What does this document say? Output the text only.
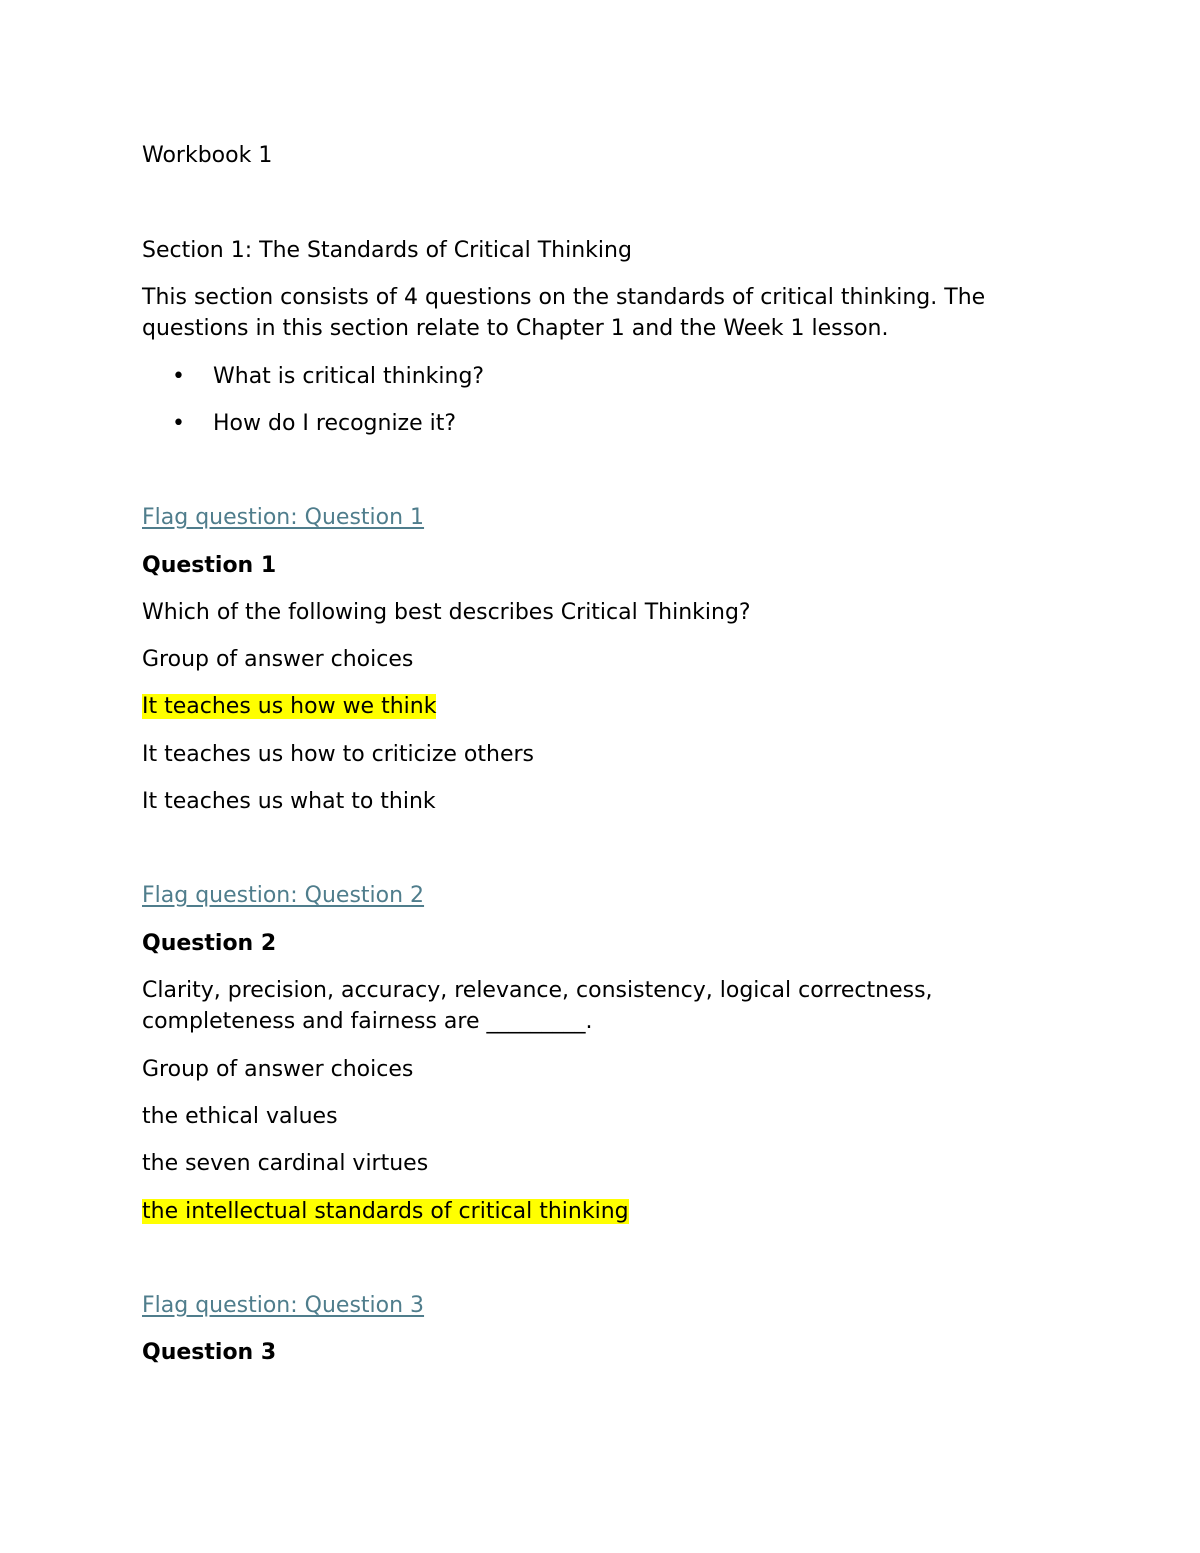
Workbook 1
Section 1: The Standards of Critical Thinking
This section consists of 4 questions on the standards of critical thinking. The questions in this section relate to Chapter 1 and the Week 1 lesson.
• What is critical thinking?
• How do I recognize it?
Flag question: Question 1
Question 1
Which of the following best describes Critical Thinking?
Group of answer choices
It teaches us how we think
It teaches us how to criticize others
It teaches us what to think
Flag question: Question 2
Question 2
Clarity, precision, accuracy, relevance, consistency, logical correctness, completeness and fairness are _________.
Group of answer choices
the ethical values
the seven cardinal virtues
the intellectual standards of critical thinking
Flag question: Question 3
Question 3
